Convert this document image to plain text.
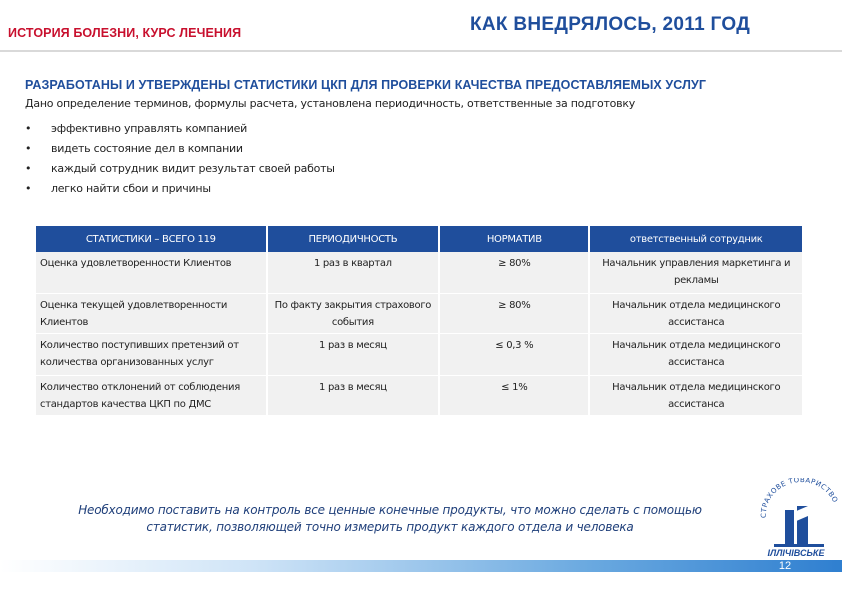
ИСТОРИЯ БОЛЕЗНИ, КУРС ЛЕЧЕНИЯ	КАК ВНЕДРЯЛОСЬ, 2011 ГОД
РАЗРАБОТАНЫ И УТВЕРЖДЕНЫ СТАТИСТИКИ ЦКП ДЛЯ ПРОВЕРКИ КАЧЕСТВА ПРЕДОСТАВЛЯЕМЫХ УСЛУГ
Дано определение терминов, формулы расчета, установлена периодичность, ответственные за подготовку
•	эффективно управлять компанией
•	видеть состояние дел в компании
•	каждый сотрудник видит результат своей работы
•	легко найти сбои и причины
СТАТИСТИКИ – ВСЕГО 119	ПЕРИОДИЧНОСТЬ	НОРМАТИВ	ответственный сотрудник
Оценка удовлетворенности Клиентов	1 раз в квартал	≥ 80%	Начальник управления маркетинга и рекламы
Оценка текущей удовлетворенности Клиентов	По факту закрытия страхового события	≥ 80%	Начальник отдела медицинского ассистанса
Количество поступивших претензий от количества организованных услуг	1 раз в месяц	≤ 0,3 %	Начальник отдела медицинского ассистанса
Количество отклонений от соблюдения стандартов качества ЦКП по ДМС	1 раз в месяц	≤ 1%	Начальник отдела медицинского ассистанса
Необходимо поставить на контроль все ценные конечные продукты, что можно сделать с помощью статистик, позволяющей точно измерить продукт каждого отдела и человека
СТРАХОВЕ ТОВАРИСТВО
ІЛЛІЧІВСЬКЕ
12
